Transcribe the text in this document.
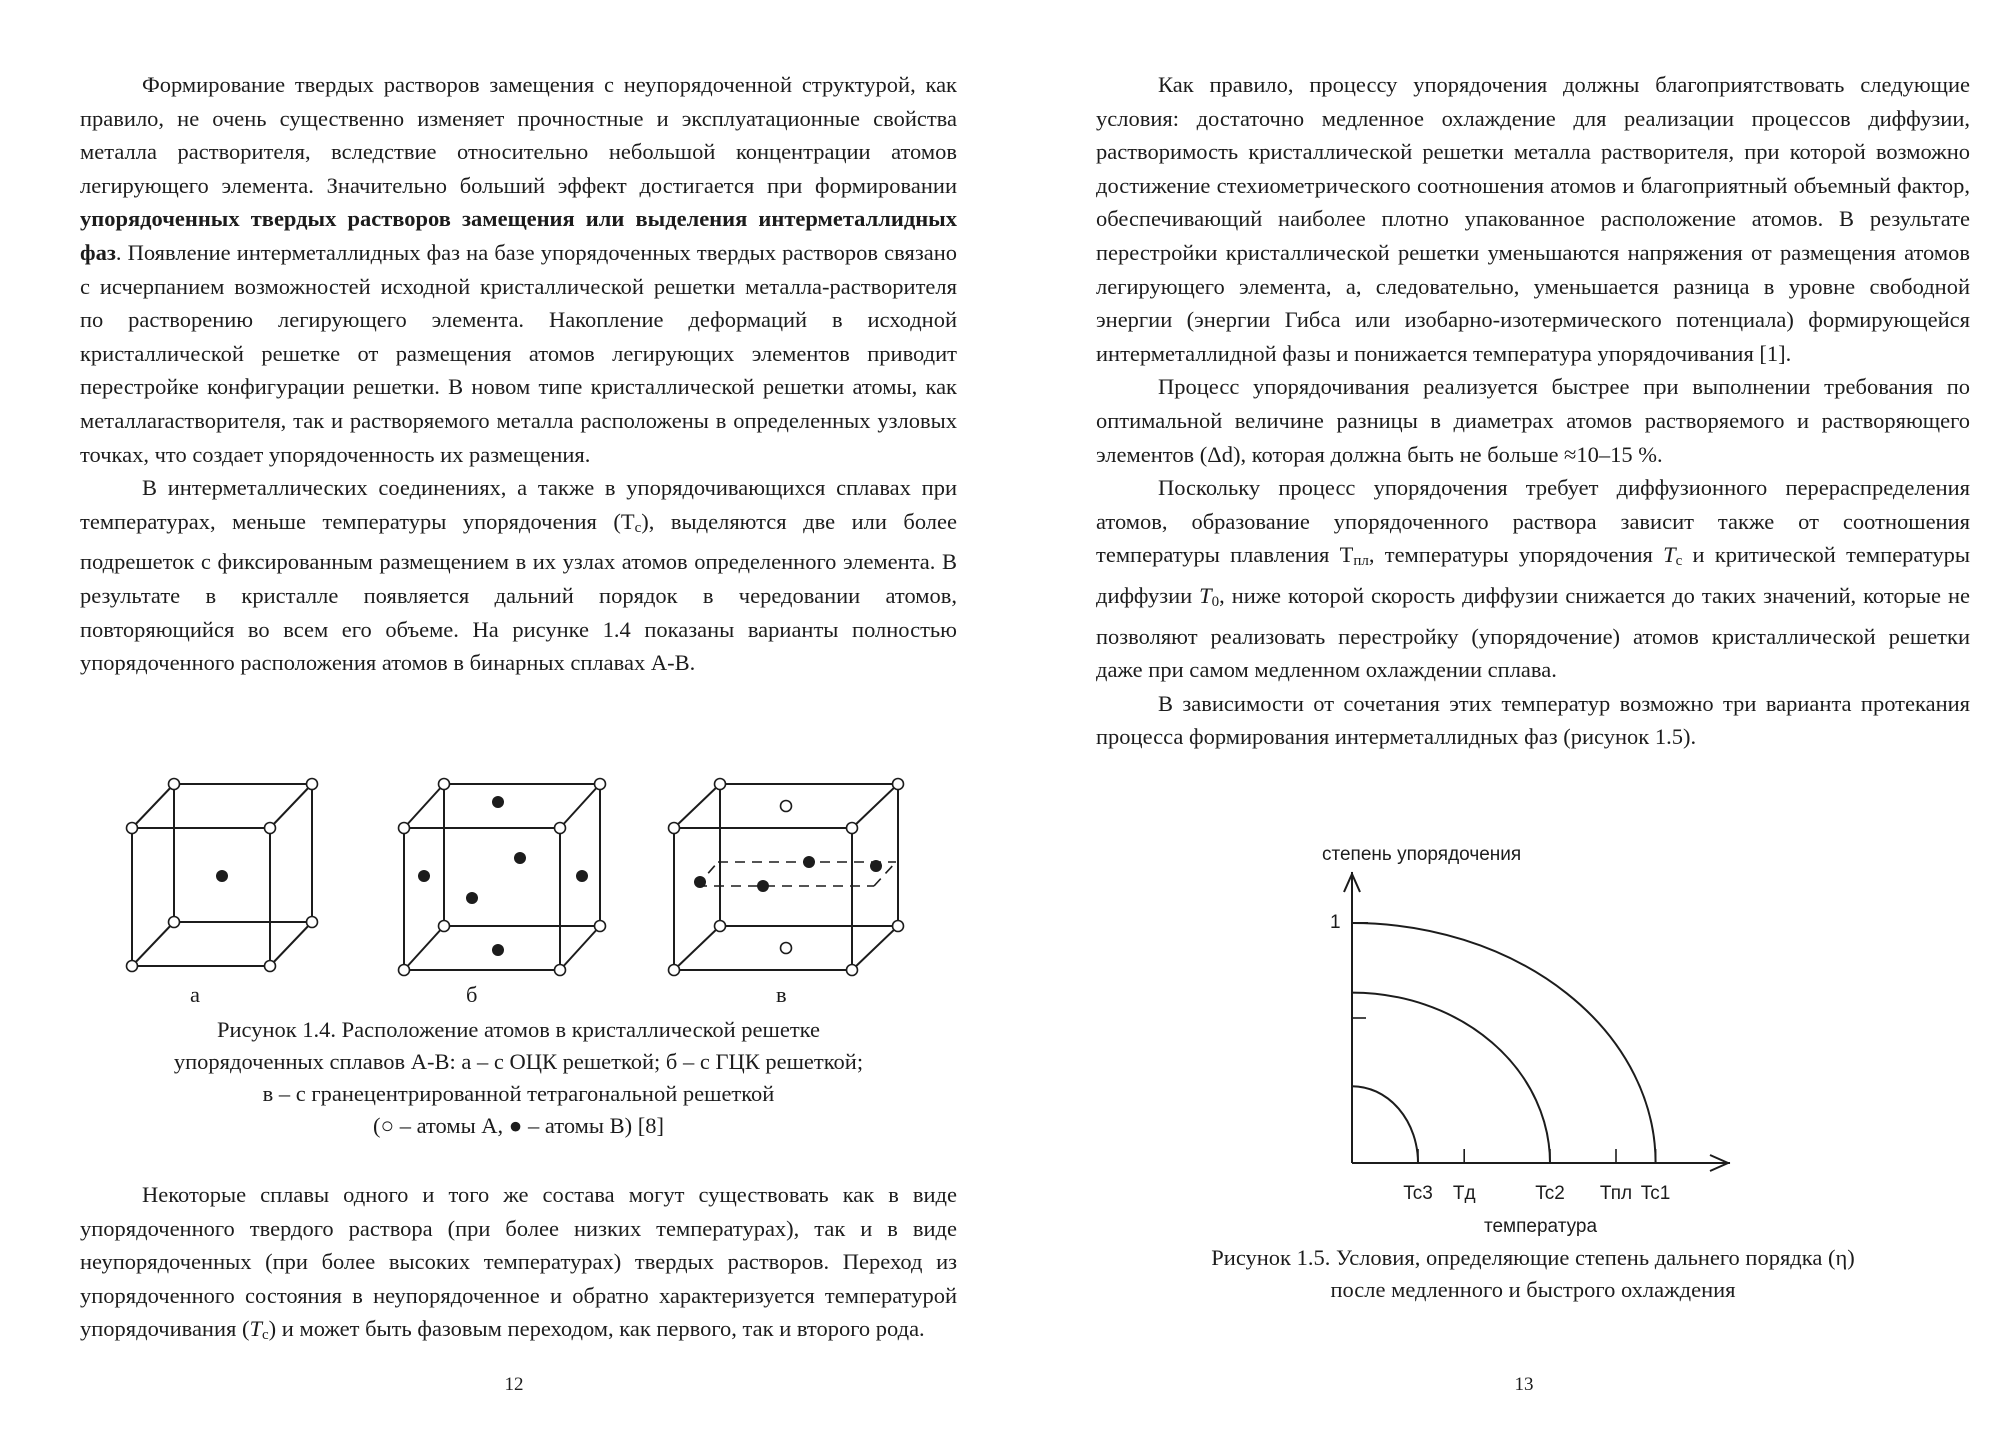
Формирование твердых растворов замещения с неупорядоченной структурой, как правило, не очень существенно изменяет прочностные и эксплуатационные свойства металла растворителя, вследствие относительно небольшой концентрации атомов легирующего элемента. Значительно больший эффект достигается при формировании упорядоченных твердых растворов замещения или выделения интерметаллидных фаз. Появление интерметаллидных фаз на базе упорядоченных твердых растворов связано с исчерпанием возможностей исходной кристаллической решетки металла-растворителя по растворению легирующего элемента. Накопление деформаций в исходной кристаллической решетке от размещения атомов легирующих элементов приводит перестройке конфигурации решетки. В новом типе кристаллической решетки атомы, как металлarастворителя, так и растворяемого металла расположены в определенных узловых точках, что создает упорядоченность их размещения.

В интерметаллических соединениях, а также в упорядочивающихся сплавах при температурах, меньше температуры упорядочения $(T_c)$, выделяются две или более подрешеток с фиксированным размещением в их узлах атомов определенного элемента. В результате в кристалле появляется дальний порядок в чередовании атомов, повторяющийся во всем его объеме. На рисунке 1.4 показаны варианты полностью упорядоченного расположения атомов в бинарных сплавах А-В.

а	б	в
Рисунок 1.4. Расположение атомов в кристаллической решетке
упорядоченных сплавов А-В: а – с ОЦК решеткой; б – с ГЦК решеткой;
в – с гранецентрированной тетрагональной решеткой
(○ – атомы А, ● – атомы В) [8]

Некоторые сплавы одного и того же состава могут существовать как в виде упорядоченного твердого раствора (при более низких температурах), так и в виде неупорядоченных (при более высоких температурах) твердых растворов. Переход из упорядоченного состояния в неупорядоченное и обратно характеризуется температурой упорядочивания $(T_c)$ и может быть фазовым переходом, как первого, так и второго рода.

12

Как правило, процессу упорядочения должны благоприятствовать следующие условия: достаточно медленное охлаждение для реализации процессов диффузии, растворимость кристаллической решетки металла растворителя, при которой возможно достижение стехиометрического соотношения атомов и благоприятный объемный фактор, обеспечивающий наиболее плотно упакованное расположение атомов. В результате перестройки кристаллической решетки уменьшаются напряжения от размещения атомов легирующего элемента, а, следовательно, уменьшается разница в уровне свободной энергии (энергии Гибса или изобарно-изотермического потенциала) формирующейся интерметаллидной фазы и понижается температура упорядочивания [1].

Процесс упорядочивания реализуется быстрее при выполнении требования по оптимальной величине разницы в диаметрах атомов растворяемого и растворяющего элементов (Δd), которая должна быть не больше ≈10–15 %.

Поскольку процесс упорядочения требует диффузионного перераспределения атомов, образование упорядоченного раствора зависит также от соотношения температуры плавления $T_{пл}$, температуры упорядочения $T_c$ и критической температуры диффузии $T_0$, ниже которой скорость диффузии снижается до таких значений, которые не позволяют реализовать перестройку (упорядочение) атомов кристаллической решетки даже при самом медленном охлаждении сплава.

В зависимости от сочетания этих температур возможно три варианта протекания процесса формирования интерметаллидных фаз (рисунок 1.5).

степень упорядочения
температура
1
Tc3 Тд	Tc2 Тпл Tc1
Рисунок 1.5. Условия, определяющие степень дальнего порядка (η)
после медленного и быстрого охлаждения
13
